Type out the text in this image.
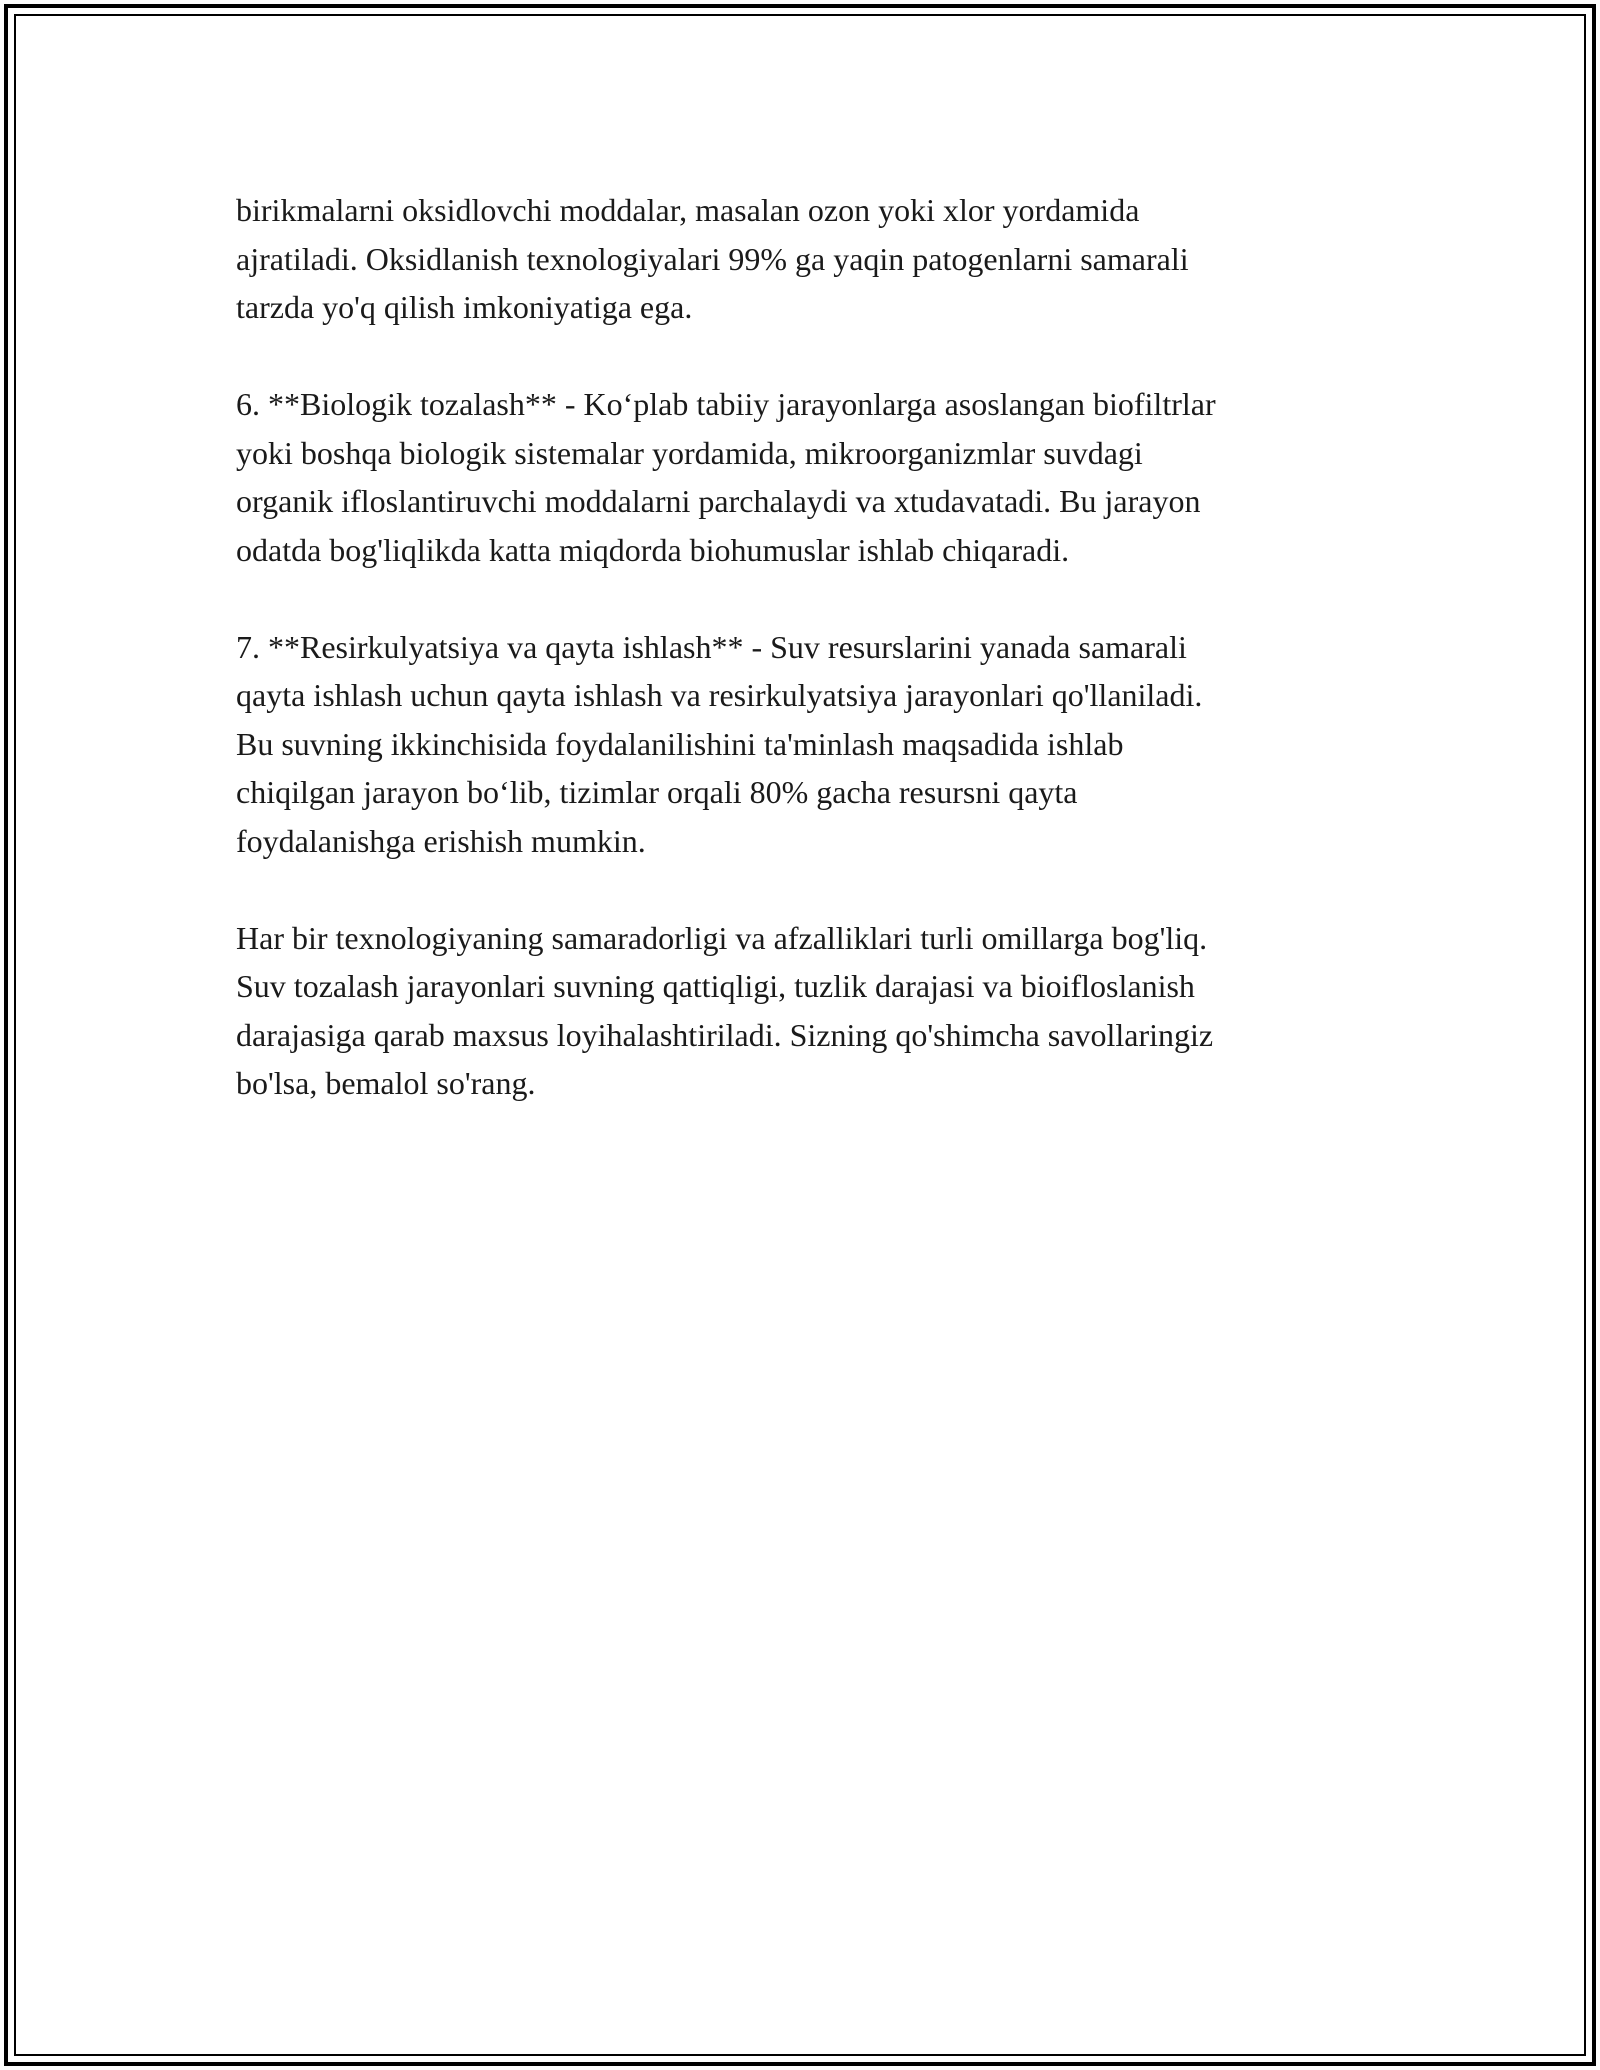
birikmalarni oksidlovchi moddalar, masalan ozon yoki xlor yordamida
ajratiladi. Oksidlanish texnologiyalari 99% ga yaqin patogenlarni samarali
tarzda yo'q qilish imkoniyatiga ega.

6. **Biologik tozalash** - Ko‘plab tabiiy jarayonlarga asoslangan biofiltrlar
yoki boshqa biologik sistemalar yordamida, mikroorganizmlar suvdagi
organik ifloslantiruvchi moddalarni parchalaydi va xtudavatadi. Bu jarayon
odatda bog'liqlikda katta miqdorda biohumuslar ishlab chiqaradi.

7. **Resirkulyatsiya va qayta ishlash** - Suv resurslarini yanada samarali
qayta ishlash uchun qayta ishlash va resirkulyatsiya jarayonlari qo'llaniladi.
Bu suvning ikkinchisida foydalanilishini ta'minlash maqsadida ishlab
chiqilgan jarayon bo‘lib, tizimlar orqali 80% gacha resursni qayta
foydalanishga erishish mumkin.

Har bir texnologiyaning samaradorligi va afzalliklari turli omillarga bog'liq.
Suv tozalash jarayonlari suvning qattiqligi, tuzlik darajasi va bioifloslanish
darajasiga qarab maxsus loyihalashtiriladi. Sizning qo'shimcha savollaringiz
bo'lsa, bemalol so'rang.
